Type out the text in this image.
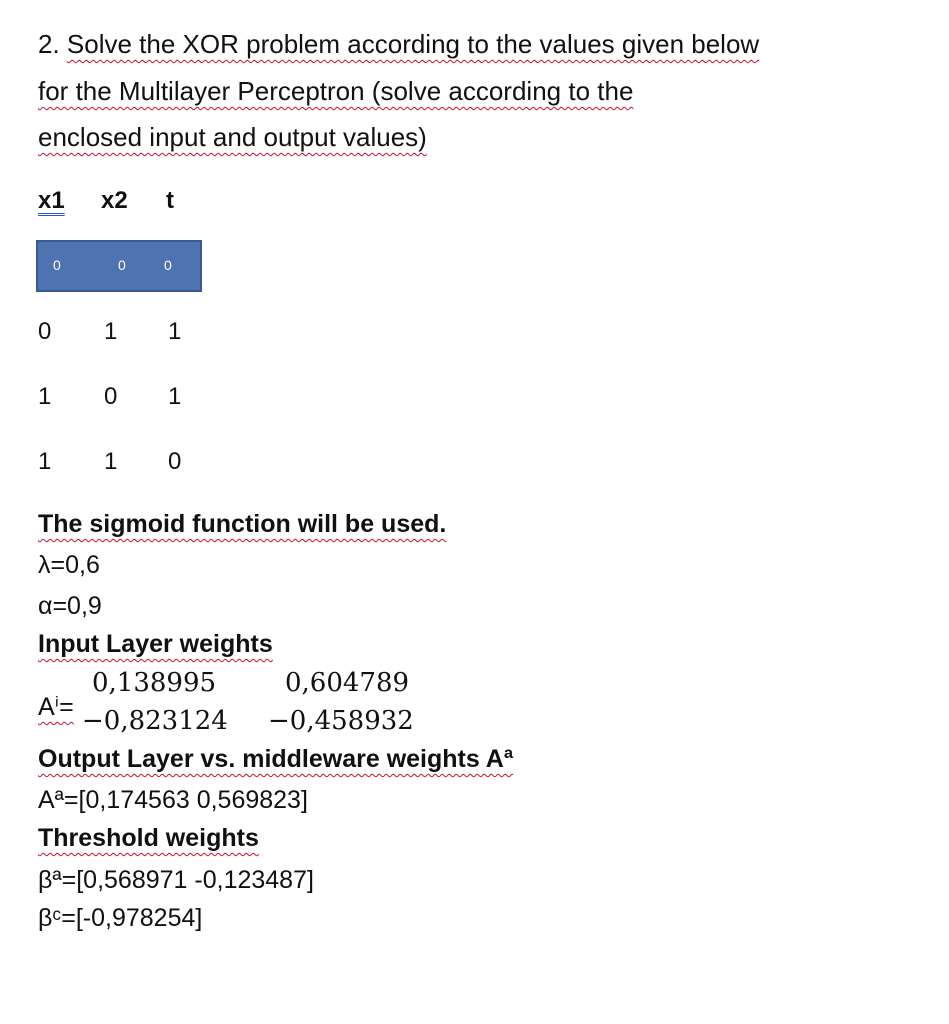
2. Solve the XOR problem according to the values given below
for the Multilayer Perceptron (solve according to the
enclosed input and output values)
x1 x2 t
0	0	0
0 1 1
1 0 1
1 1 0
The sigmoid function will be used.
λ=0,6
α=0,9
Input Layer weights
Aⁱ=
0,138995	0,604789
−0,823124 −0,458932
Output Layer vs. middleware weights Aª
Aª=[0,174563 0,569823]
Threshold weights
βª=[0,568971 -0,123487]
βᶜ=[-0,978254]
